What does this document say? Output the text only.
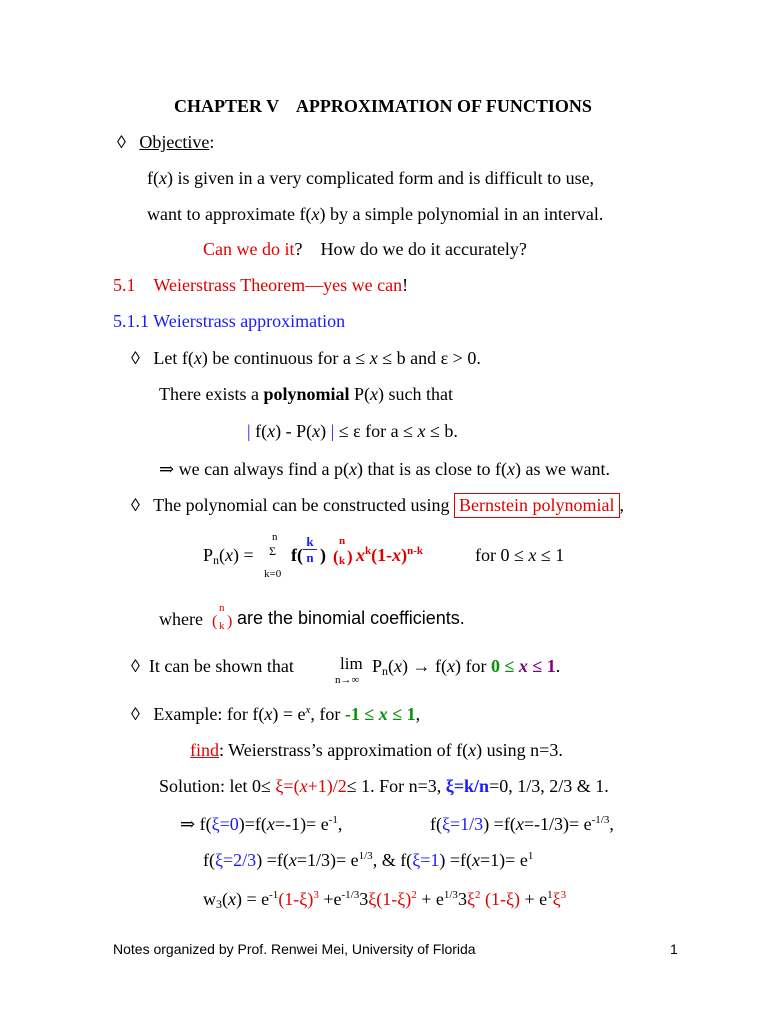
CHAPTER V    APPROXIMATION OF FUNCTIONS
◊ Objective:
f(x) is given in a very complicated form and is difficult to use,
want to approximate f(x) by a simple polynomial in an interval.
Can we do it? How do we do it accurately?
5.1 Weierstrass Theorem—yes we can!
5.1.1 Weierstrass approximation
◊ Let f(x) be continuous for a ≤ x ≤ b and ε > 0.
There exists a polynomial P(x) such that
| f(x) - P(x) | ≤ ε for a ≤ x ≤ b.
⇒ we can always find a p(x) that is as close to f(x) as we want.
◊ The polynomial can be constructed using Bernstein polynomial ,
$P_n(x)$ =
n
Σ
k=0
$f( \frac{k}{n}$ )
n
( k ) $x^k(1-x)^{n-k}$	for 0 ≤ x ≤ 1
where
n
( k ) are the binomial coefficients.
◊ It can be shown that	lim
n→∞
$P_n(x) \to f(x)$ for 0 ≤ x ≤ 1.
◊ Example: for $f(x) = e^x$, for -1 ≤ x ≤ 1,
find: Weierstrass’s approximation of f(x) using n=3.
Solution: let 0≤ ξ=(x+1)/2≤ 1. For n=3, ξ=k/n=0, 1/3, 2/3 & 1.
⇒ $f(\xi=0)=f(x=-1)= e^{-1}$,	$f(\xi=1/3) =f(x=-1/3)= e^{-1/3}$,
$f(\xi=2/3) =f(x=1/3)= e^{1/3}$, & $f(\xi=1) =f(x=1)= e^1$
$w_3(x) = e^{-1}(1-\xi)^3 +e^{-1/3}3\xi(1-\xi)^2 + e^{1/3}3\xi^2$ $(1-\xi) + e^1\xi^3$
Notes organized by Prof. Renwei Mei, University of Florida	1
